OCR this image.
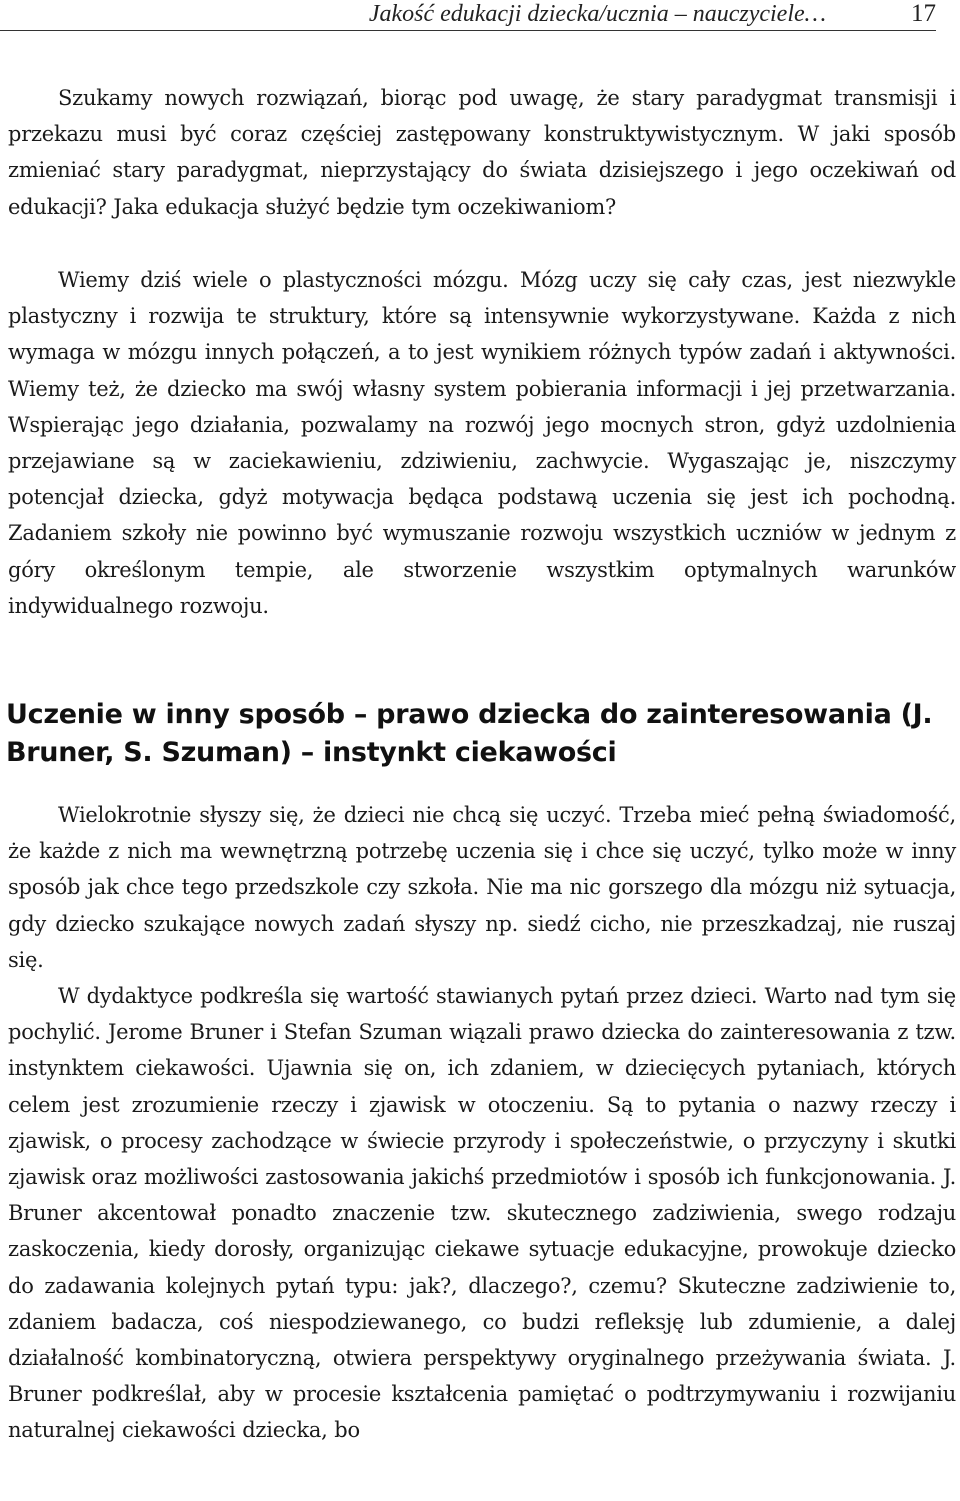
Jakość edukacji dziecka/ucznia – nauczyciele…	17

Szukamy nowych rozwiązań, biorąc pod uwagę, że stary paradygmat transmisji i przekazu musi być coraz częściej zastępowany konstruktywistycznym. W jaki sposób zmieniać stary paradygmat, nieprzystający do świata dzisiejszego i jego oczekiwań od edukacji? Jaka edukacja służyć będzie tym oczekiwaniom?

Wiemy dziś wiele o plastyczności mózgu. Mózg uczy się cały czas, jest niezwykle plastyczny i rozwija te struktury, które są intensywnie wykorzystywane. Każda z nich wymaga w mózgu innych połączeń, a to jest wynikiem różnych typów zadań i aktywności. Wiemy też, że dziecko ma swój własny system pobierania informacji i jej przetwarzania. Wspierając jego działania, pozwalamy na rozwój jego mocnych stron, gdyż uzdolnienia przejawiane są w zaciekawieniu, zdziwieniu, zachwycie. Wygaszając je, niszczymy potencjał dziecka, gdyż motywacja będąca podstawą uczenia się jest ich pochodną. Zadaniem szkoły nie powinno być wymuszanie rozwoju wszystkich uczniów w jednym z góry określonym tempie, ale stworzenie wszystkim optymalnych warunków indywidualnego rozwoju.

Uczenie w inny sposób – prawo dziecka do zainteresowania (J. Bruner, S. Szuman) – instynkt ciekawości

Wielokrotnie słyszy się, że dzieci nie chcą się uczyć. Trzeba mieć pełną świadomość, że każde z nich ma wewnętrzną potrzebę uczenia się i chce się uczyć, tylko może w inny sposób jak chce tego przedszkole czy szkoła. Nie ma nic gorszego dla mózgu niż sytuacja, gdy dziecko szukające nowych zadań słyszy np. siedź cicho, nie przeszkadzaj, nie ruszaj się.

W dydaktyce podkreśla się wartość stawianych pytań przez dzieci. Warto nad tym się pochylić. Jerome Bruner i Stefan Szuman wiązali prawo dziecka do zainteresowania z tzw. instynktem ciekawości. Ujawnia się on, ich zdaniem, w dziecięcych pytaniach, których celem jest zrozumienie rzeczy i zjawisk w otoczeniu. Są to pytania o nazwy rzeczy i zjawisk, o procesy zachodzące w świecie przyrody i społeczeństwie, o przyczyny i skutki zjawisk oraz możliwości zastosowania jakichś przedmiotów i sposób ich funkcjonowania. J. Bruner akcentował ponadto znaczenie tzw. skutecznego zadziwienia, swego rodzaju zaskoczenia, kiedy dorosły, organizując ciekawe sytuacje edukacyjne, prowokuje dziecko do zadawania kolejnych pytań typu: jak?, dlaczego?, czemu? Skuteczne zadziwienie to, zdaniem badacza, coś niespodziewanego, co budzi refleksję lub zdumienie, a dalej działalność kombinatoryczną, otwiera perspektywy oryginalnego przeżywania świata. J. Bruner podkreślał, aby w procesie kształcenia pamiętać o podtrzymywaniu i rozwijaniu naturalnej ciekawości dziecka, bo
